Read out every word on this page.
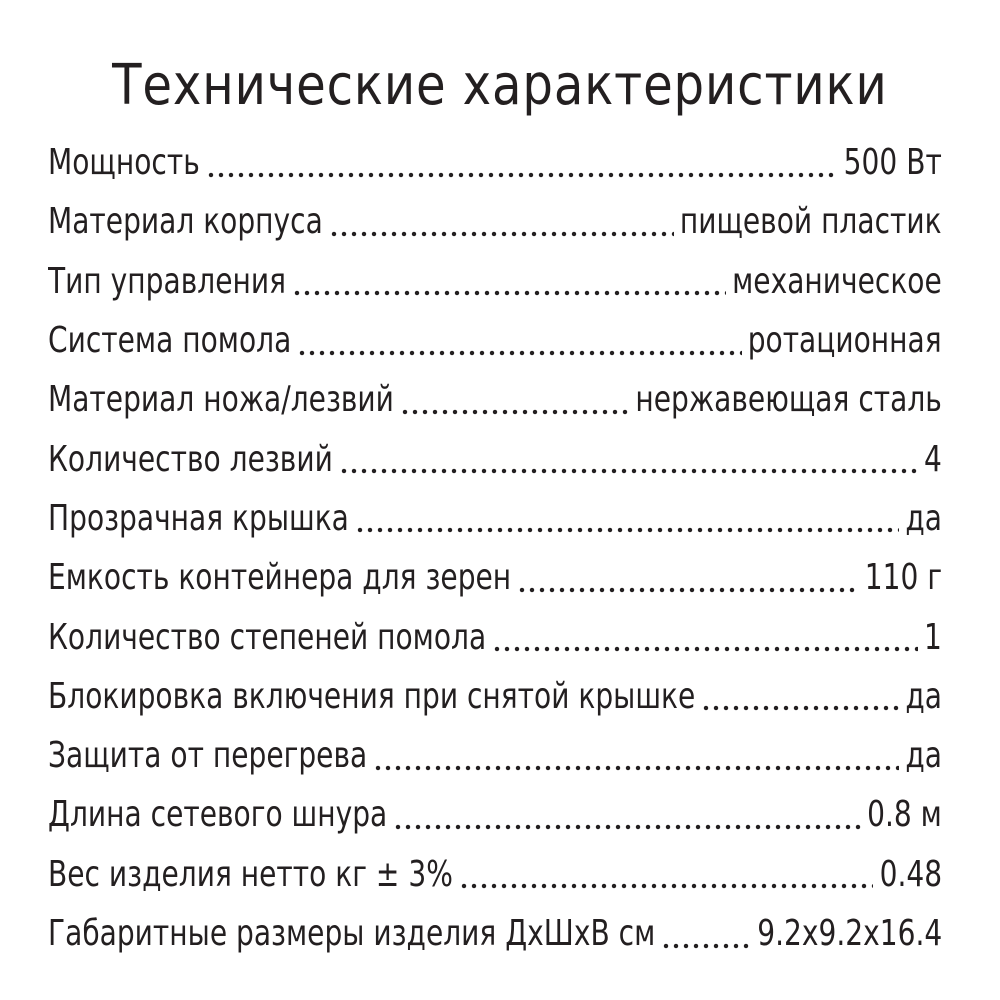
Технические характеристики
Мощность	500 Вт
Материал корпуса	пищевой пластик
Тип управления	механическое
Система помола	ротационная
Материал ножа/лезвий	нержавеющая сталь
Количество лезвий	4
Прозрачная крышка	да
Емкость контейнера для зерен	110 г
Количество степеней помола	1
Блокировка включения при снятой крышке	да
Защита от перегрева	да
Длина сетевого шнура	0.8 м
Вес изделия нетто кг ± 3%	0.48
Габаритные размеры изделия ДхШхВ см	9.2х9.2х16.4
